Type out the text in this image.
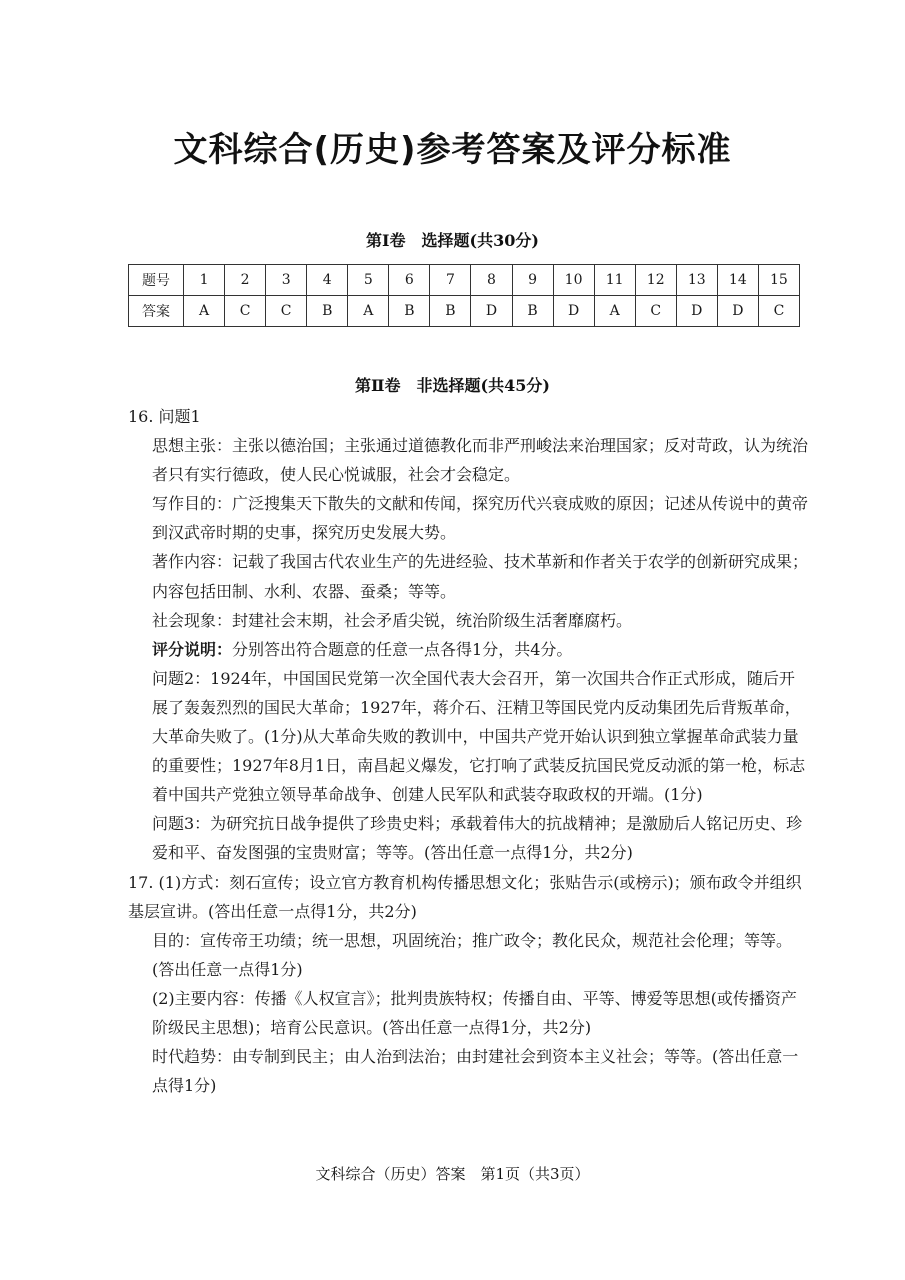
文科综合(历史)参考答案及评分标准
第Ⅰ卷　选择题(共30分)
题号	1	2	3	4	5	6	7	8	9	10	11	12	13	14	15
答案	A	C	C	B	A	B	B	D	B	D	A	C	D	D	C
第Ⅱ卷　非选择题(共45分)

16. 问题1

思想主张：主张以德治国；主张通过道德教化而非严刑峻法来治理国家；反对苛政，认为统治者只有实行德政，使人民心悦诚服，社会才会稳定。

写作目的：广泛搜集天下散失的文献和传闻，探究历代兴衰成败的原因；记述从传说中的黄帝到汉武帝时期的史事，探究历史发展大势。

著作内容：记载了我国古代农业生产的先进经验、技术革新和作者关于农学的创新研究成果；内容包括田制、水利、农器、蚕桑；等等。

社会现象：封建社会末期，社会矛盾尖锐，统治阶级生活奢靡腐朽。

评分说明：分别答出符合题意的任意一点各得1分，共4分。

问题2：1924年，中国国民党第一次全国代表大会召开，第一次国共合作正式形成，随后开展了轰轰烈烈的国民大革命；1927年，蒋介石、汪精卫等国民党内反动集团先后背叛革命，大革命失败了。(1分)从大革命失败的教训中，中国共产党开始认识到独立掌握革命武装力量的重要性；1927年8月1日，南昌起义爆发，它打响了武装反抗国民党反动派的第一枪，标志着中国共产党独立领导革命战争、创建人民军队和武装夺取政权的开端。(1分)

问题3：为研究抗日战争提供了珍贵史料；承载着伟大的抗战精神；是激励后人铭记历史、珍爱和平、奋发图强的宝贵财富；等等。(答出任意一点得1分，共2分)

17. (1)方式：刻石宣传；设立官方教育机构传播思想文化；张贴告示(或榜示)；颁布政令并组织基层宣讲。(答出任意一点得1分，共2分)

目的：宣传帝王功绩；统一思想，巩固统治；推广政令；教化民众，规范社会伦理；等等。(答出任意一点得1分)

(2)主要内容：传播《人权宣言》；批判贵族特权；传播自由、平等、博爱等思想(或传播资产阶级民主思想)；培育公民意识。(答出任意一点得1分，共2分)

时代趋势：由专制到民主；由人治到法治；由封建社会到资本主义社会；等等。(答出任意一点得1分)

文科综合（历史）答案　第1页（共3页）
